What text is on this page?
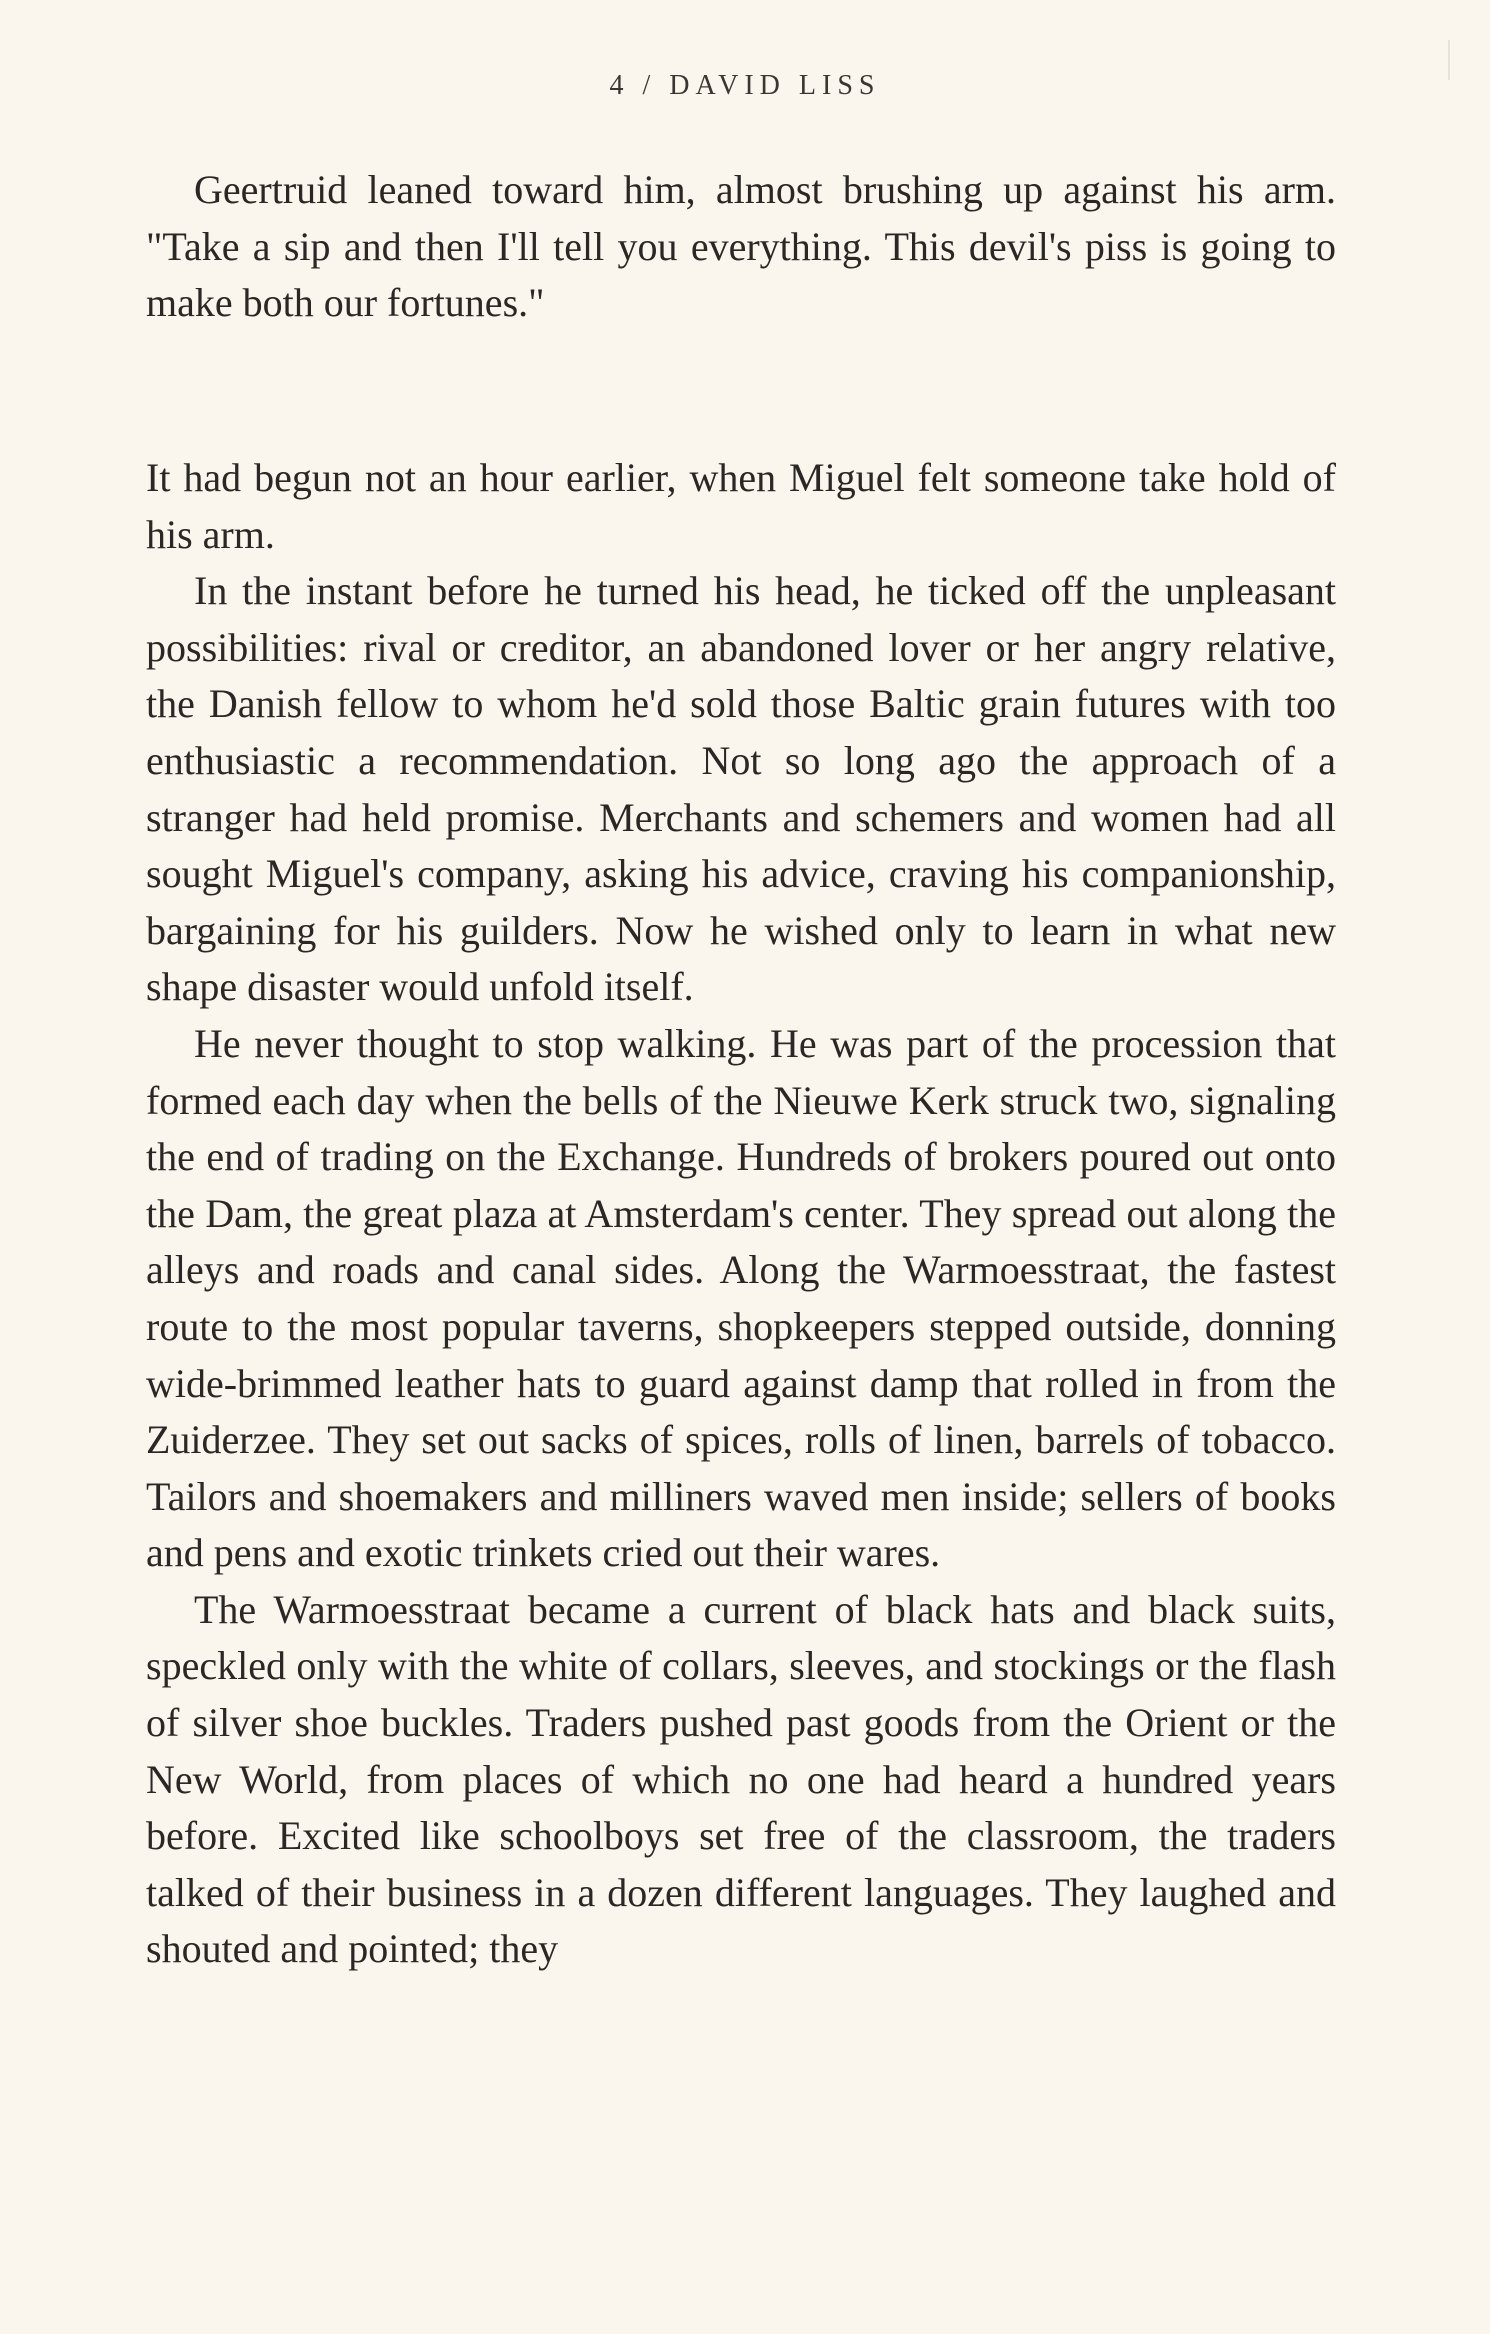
4 / DAVID LISS

Geertruid leaned toward him, almost brushing up against his arm. "Take a sip and then I'll tell you everything. This devil's piss is going to make both our fortunes."

It had begun not an hour earlier, when Miguel felt someone take hold of his arm.

In the instant before he turned his head, he ticked off the unpleasant possibilities: rival or creditor, an abandoned lover or her angry relative, the Danish fellow to whom he'd sold those Baltic grain futures with too enthusiastic a recommendation. Not so long ago the approach of a stranger had held promise. Merchants and schemers and women had all sought Miguel's company, asking his advice, craving his companionship, bargaining for his guilders. Now he wished only to learn in what new shape disaster would unfold itself.

He never thought to stop walking. He was part of the procession that formed each day when the bells of the Nieuwe Kerk struck two, signaling the end of trading on the Exchange. Hundreds of brokers poured out onto the Dam, the great plaza at Amsterdam's center. They spread out along the alleys and roads and canal sides. Along the Warmoesstraat, the fastest route to the most popular taverns, shopkeepers stepped outside, donning wide-brimmed leather hats to guard against damp that rolled in from the Zuiderzee. They set out sacks of spices, rolls of linen, barrels of tobacco. Tailors and shoemakers and milliners waved men inside; sellers of books and pens and exotic trinkets cried out their wares.

The Warmoesstraat became a current of black hats and black suits, speckled only with the white of collars, sleeves, and stockings or the flash of silver shoe buckles. Traders pushed past goods from the Orient or the New World, from places of which no one had heard a hundred years before. Excited like schoolboys set free of the classroom, the traders talked of their business in a dozen different languages. They laughed and shouted and pointed; they
